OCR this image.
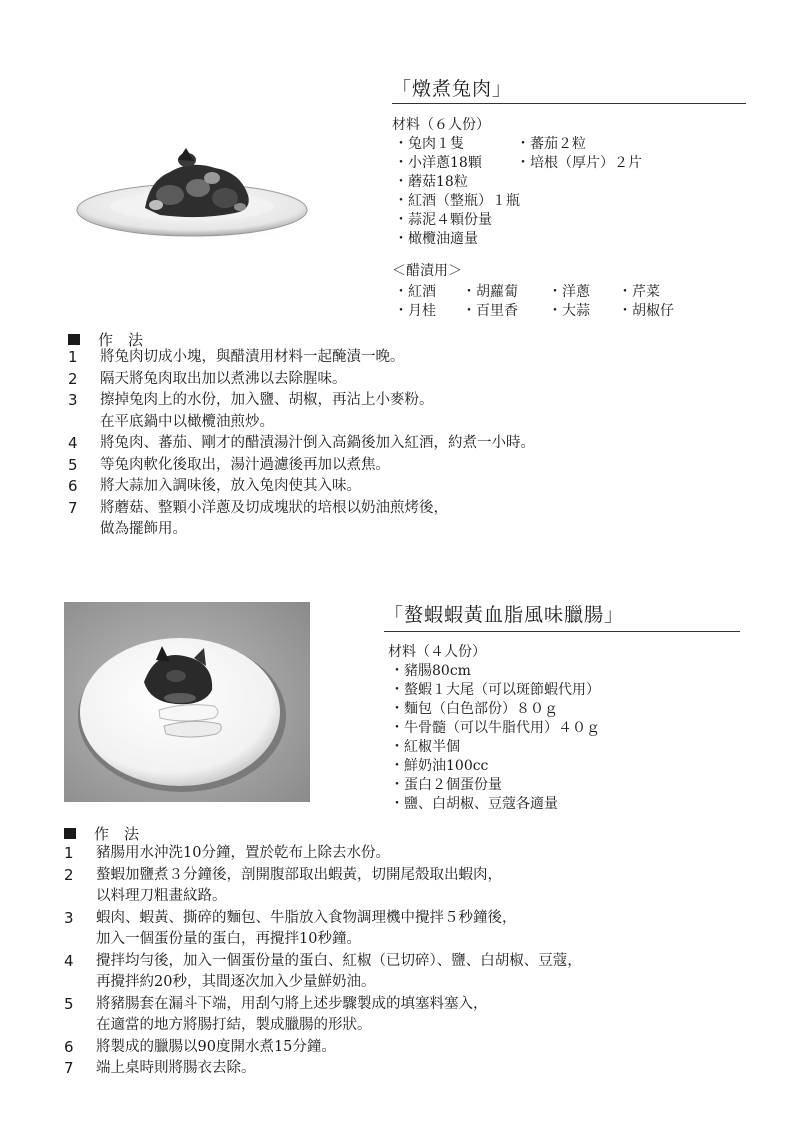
「燉煮兔肉」
材料（６人份）
・兔肉１隻	・蕃茄２粒
・小洋蔥18顆	・培根（厚片）２片
・蘑菇18粒
・紅酒（整瓶）１瓶
・蒜泥４顆份量
・橄欖油適量
＜醋漬用＞
・紅酒	・胡蘿蔔	・洋蔥	・芹菜
・月桂	・百里香	・大蒜	・胡椒仔
作　法
1	將兔肉切成小塊，與醋漬用材料一起醃漬一晚。
2	隔天將兔肉取出加以煮沸以去除腥味。
3	擦掉兔肉上的水份，加入鹽、胡椒，再沾上小麥粉。
在平底鍋中以橄欖油煎炒。
4	將兔肉、蕃茄、剛才的醋漬湯汁倒入高鍋後加入紅酒，約煮一小時。
5	等兔肉軟化後取出，湯汁過濾後再加以煮焦。
6	將大蒜加入調味後，放入兔肉使其入味。
7	將蘑菇、整顆小洋蔥及切成塊狀的培根以奶油煎烤後，
做為擺飾用。
「螯蝦蝦黃血脂風味臘腸」
材料（４人份）
・豬腸80cm
・螯蝦１大尾（可以斑節蝦代用）
・麵包（白色部份）８０ｇ
・牛骨髓（可以牛脂代用）４０ｇ
・紅椒半個
・鮮奶油100cc
・蛋白２個蛋份量
・鹽、白胡椒、豆蔻各適量
作　法
1	豬腸用水沖洗10分鐘，置於乾布上除去水份。
2	螯蝦加鹽煮３分鐘後，剖開腹部取出蝦黃，切開尾殼取出蝦肉，
以料理刀粗畫紋路。
3	蝦肉、蝦黃、撕碎的麵包、牛脂放入食物調理機中攪拌５秒鐘後，
加入一個蛋份量的蛋白，再攪拌10秒鐘。
4	攪拌均勻後，加入一個蛋份量的蛋白、紅椒（已切碎）、鹽、白胡椒、豆蔻，
再攪拌約20秒，其間逐次加入少量鮮奶油。
5	將豬腸套在漏斗下端，用刮勺將上述步驟製成的填塞料塞入，
在適當的地方將腸打結，製成臘腸的形狀。
6	將製成的臘腸以90度開水煮15分鐘。
7	端上桌時則將腸衣去除。
